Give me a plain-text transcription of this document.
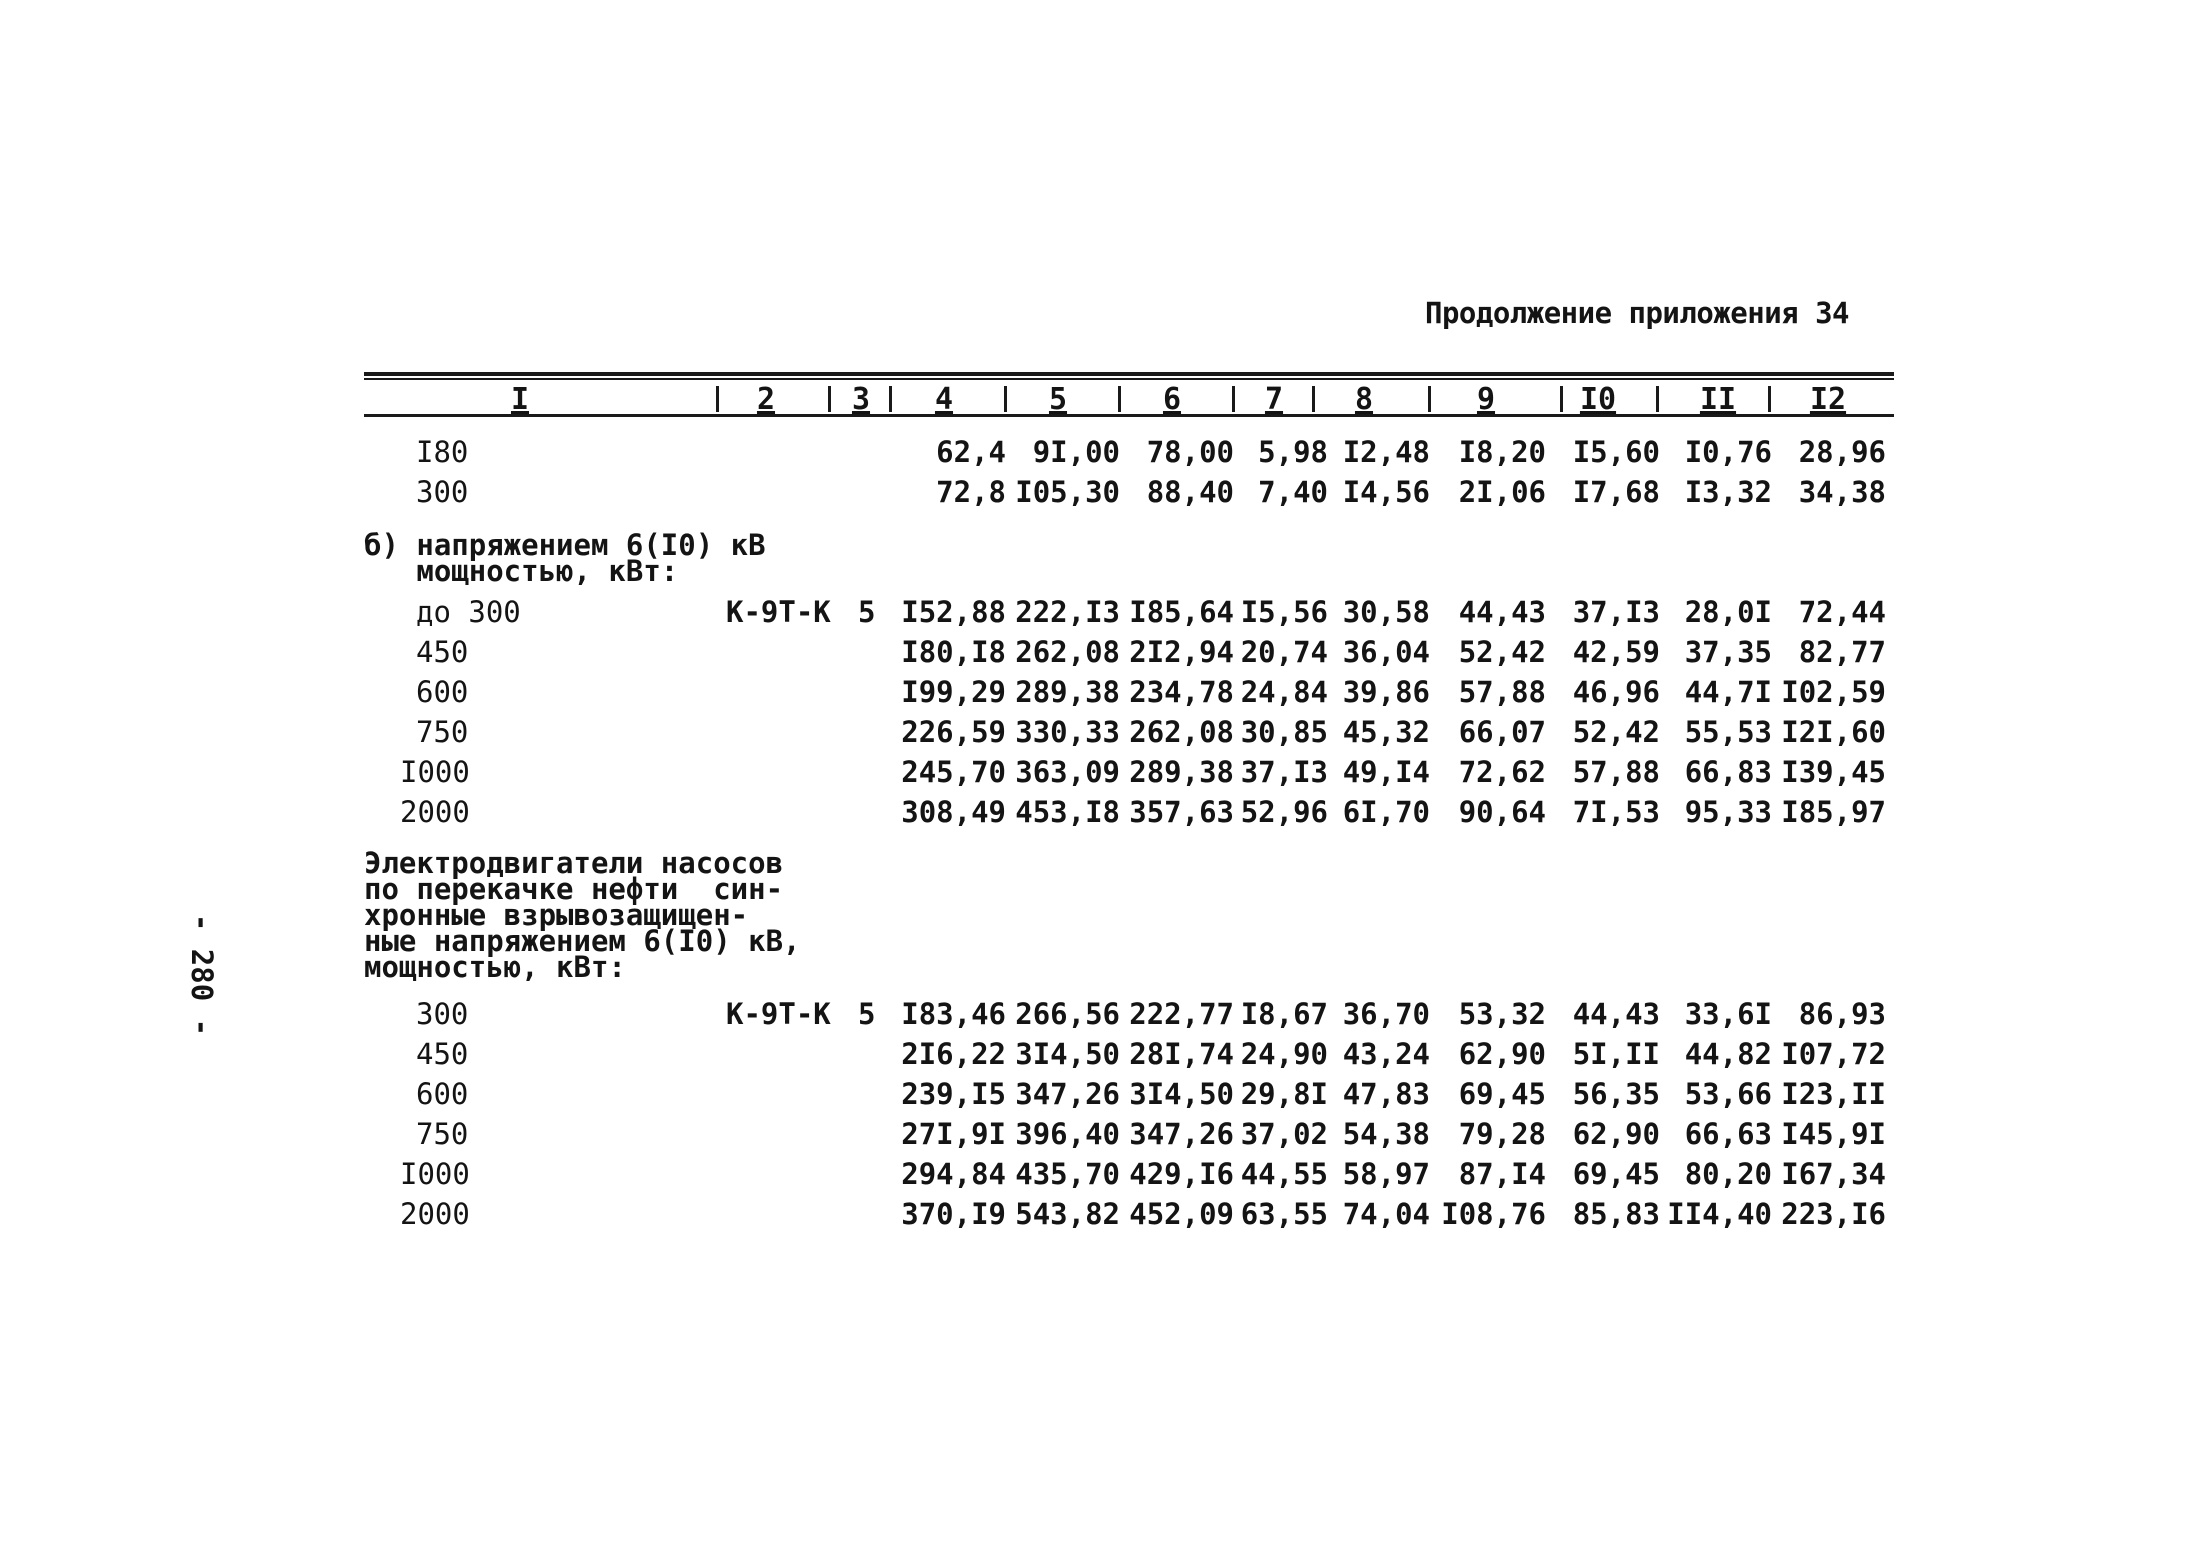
Продолжение приложения 34
- 280 -
I	2	3 4	5	6	7 8	9	I0	II	I2
I80	62,4 9I,00 78,00 5,98 I2,48 I8,20 I5,60 I0,76 28,96
300	72,8 I05,30 88,40 7,40 I4,56 2I,06 I7,68 I3,32 34,38
б) напряжением 6(I0) кВ
мощностью, кВт:
до 300	К-9Т-К 5 I52,88 222,I3 I85,64 I5,56 30,58 44,43 37,I3 28,0I 72,44
450	I80,I8 262,08 2I2,94 20,74 36,04 52,42 42,59 37,35 82,77
600	I99,29 289,38 234,78 24,84 39,86 57,88 46,96 44,7I I02,59
750	226,59 330,33 262,08 30,85 45,32 66,07 52,42 55,53 I2I,60
I000	245,70 363,09 289,38 37,I3 49,I4 72,62 57,88 66,83 I39,45
2000	308,49 453,I8 357,63 52,96 6I,70 90,64 7I,53 95,33 I85,97
Электродвигатели насосов
по перекачке нефти  син-
хронные взрывозащищен-
ные напряжением 6(I0) кВ,
мощностью, кВт:
300	К-9Т-К 5 I83,46 266,56 222,77 I8,67 36,70 53,32 44,43 33,6I 86,93
450	2I6,22 3I4,50 28I,74 24,90 43,24 62,90 5I,II 44,82 I07,72
600	239,I5 347,26 3I4,50 29,8I 47,83 69,45 56,35 53,66 I23,II
750	27I,9I 396,40 347,26 37,02 54,38 79,28 62,90 66,63 I45,9I
I000	294,84 435,70 429,I6 44,55 58,97 87,I4 69,45 80,20 I67,34
2000	370,I9 543,82 452,09 63,55 74,04 I08,76 85,83 II4,40 223,I6
